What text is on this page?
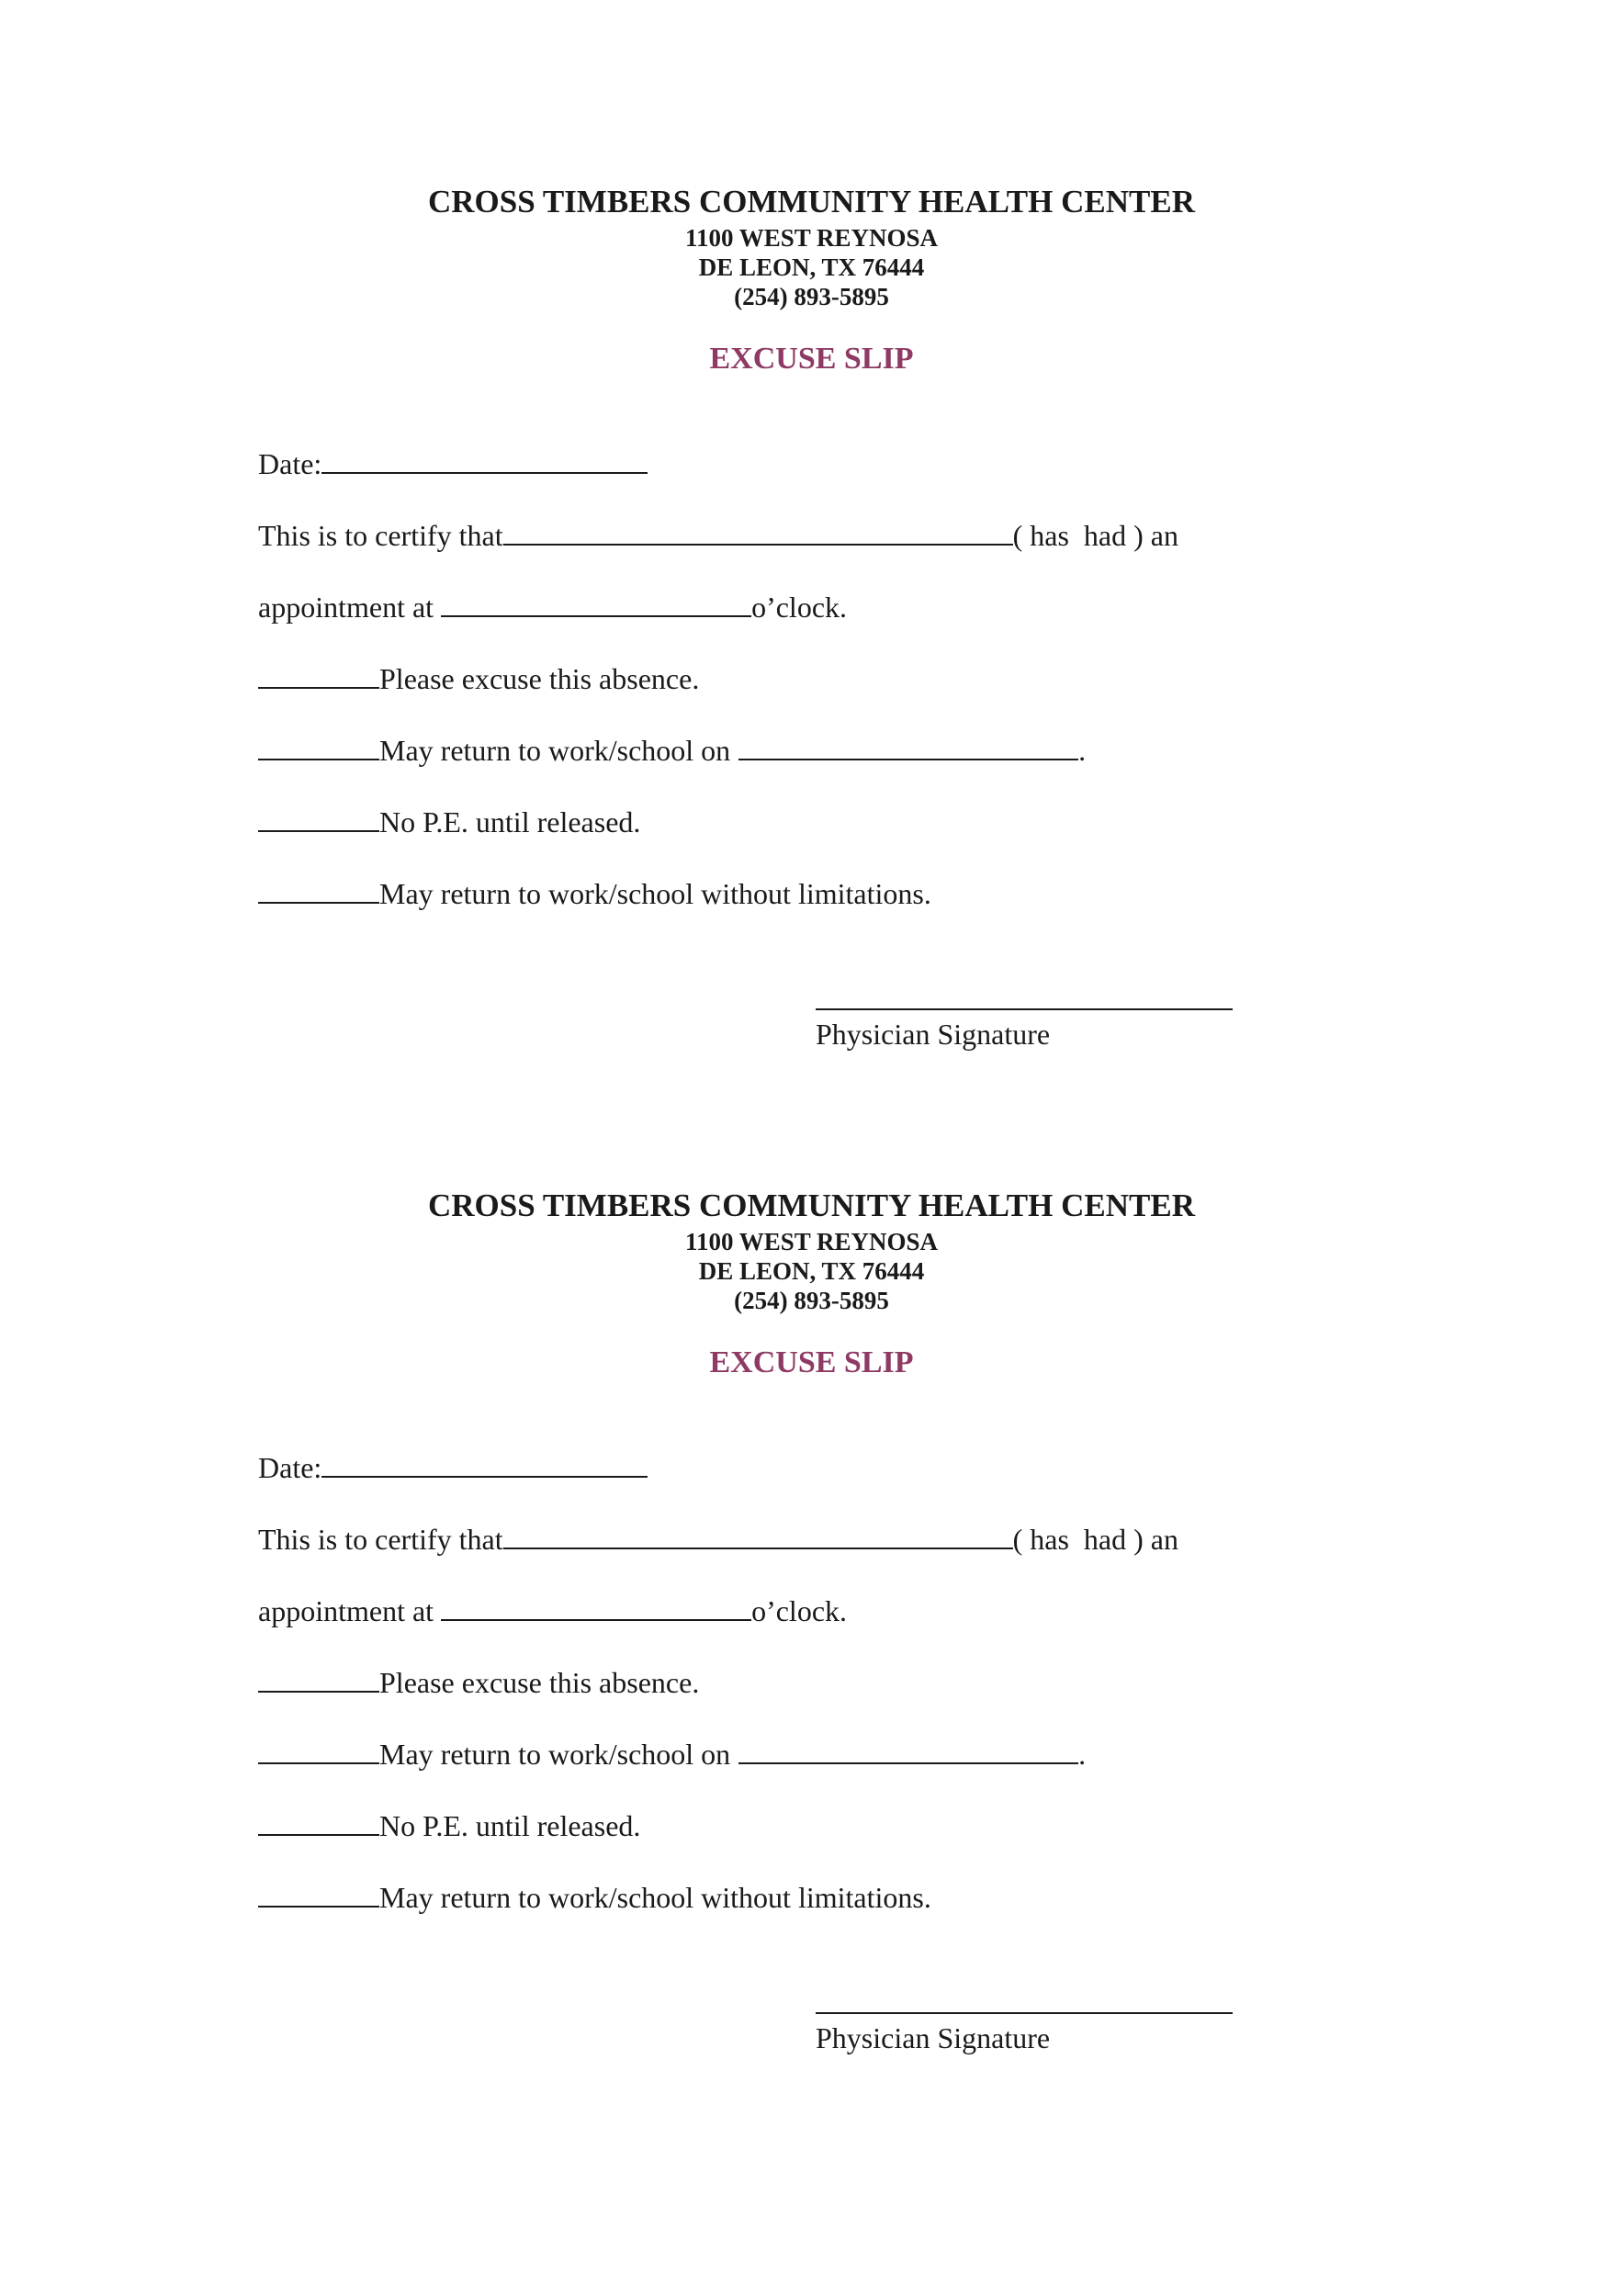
CROSS TIMBERS COMMUNITY HEALTH CENTER
1100 WEST REYNOSA
DE LEON, TX 76444
(254) 893-5895
EXCUSE SLIP
Date:
This is to certify that	( has  had ) an
appointment at	o’clock.
Please excuse this absence.
May return to work/school on	.
No P.E. until released.
May return to work/school without limitations.
Physician Signature
CROSS TIMBERS COMMUNITY HEALTH CENTER
1100 WEST REYNOSA
DE LEON, TX 76444
(254) 893-5895
EXCUSE SLIP
Date:
This is to certify that	( has  had ) an
appointment at	o’clock.
Please excuse this absence.
May return to work/school on	.
No P.E. until released.
May return to work/school without limitations.
Physician Signature
